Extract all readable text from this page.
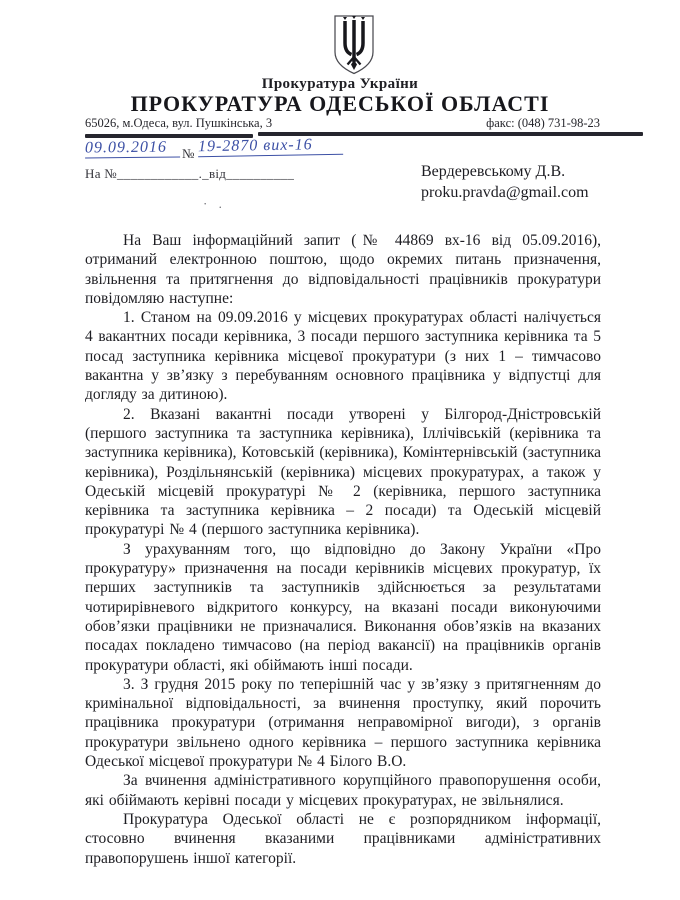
Прокуратура України
ПРОКУРАТУРА ОДЕСЬКОЇ ОБЛАСТІ
65026, м.Одеса, вул. Пушкінська, 3	факс: (048) 731-98-23
09.09.2016	№ 19-2870 вих-16
На №____________._від__________	Вердеревському Д.В.
proku.pravda@gmail.com
· .

На Ваш інформаційний запит (№ 44869 вх-16 від 05.09.2016), отриманий електронною поштою, щодо окремих питань призначення, звільнення та притягнення до відповідальності працівників прокуратури повідомляю наступне:

1. Станом на 09.09.2016 у місцевих прокуратурах області налічується 4 вакантних посади керівника, 3 посади першого заступника керівника та 5 посад заступника керівника місцевої прокуратури (з них 1 – тимчасово вакантна у зв’язку з перебуванням основного працівника у відпустці для догляду за дитиною).

2. Вказані вакантні посади утворені у Білгород-Дністровській (першого заступника та заступника керівника), Іллічівській (керівника та заступника керівника), Котовській (керівника), Комінтернівській (заступника керівника), Роздільнянській (керівника) місцевих прокуратурах, а також у Одеській місцевій прокуратурі № 2 (керівника, першого заступника керівника та заступника керівника – 2 посади) та Одеській місцевій прокуратурі № 4 (першого заступника керівника).

З урахуванням того, що відповідно до Закону України «Про прокуратуру» призначення на посади керівників місцевих прокуратур, їх перших заступників та заступників здійснюється за результатами чотирирівневого відкритого конкурсу, на вказані посади виконуючими обов’язки працівники не призначалися. Виконання обов’язків на вказаних посадах покладено тимчасово (на період вакансії) на працівників органів прокуратури області, які обіймають інші посади.

3. З грудня 2015 року по теперішній час у зв’язку з притягненням до кримінальної відповідальності, за вчинення проступку, який порочить працівника прокуратури (отримання неправомірної вигоди), з органів прокуратури звільнено одного керівника – першого заступника керівника Одеської місцевої прокуратури № 4 Білого В.О.

За вчинення адміністративного корупційного правопорушення особи, які обіймають керівні посади у місцевих прокуратурах, не звільнялися.

Прокуратура Одеської області не є розпорядником інформації, стосовно вчинення вказаними працівниками адміністративних правопорушень іншої категорії.
